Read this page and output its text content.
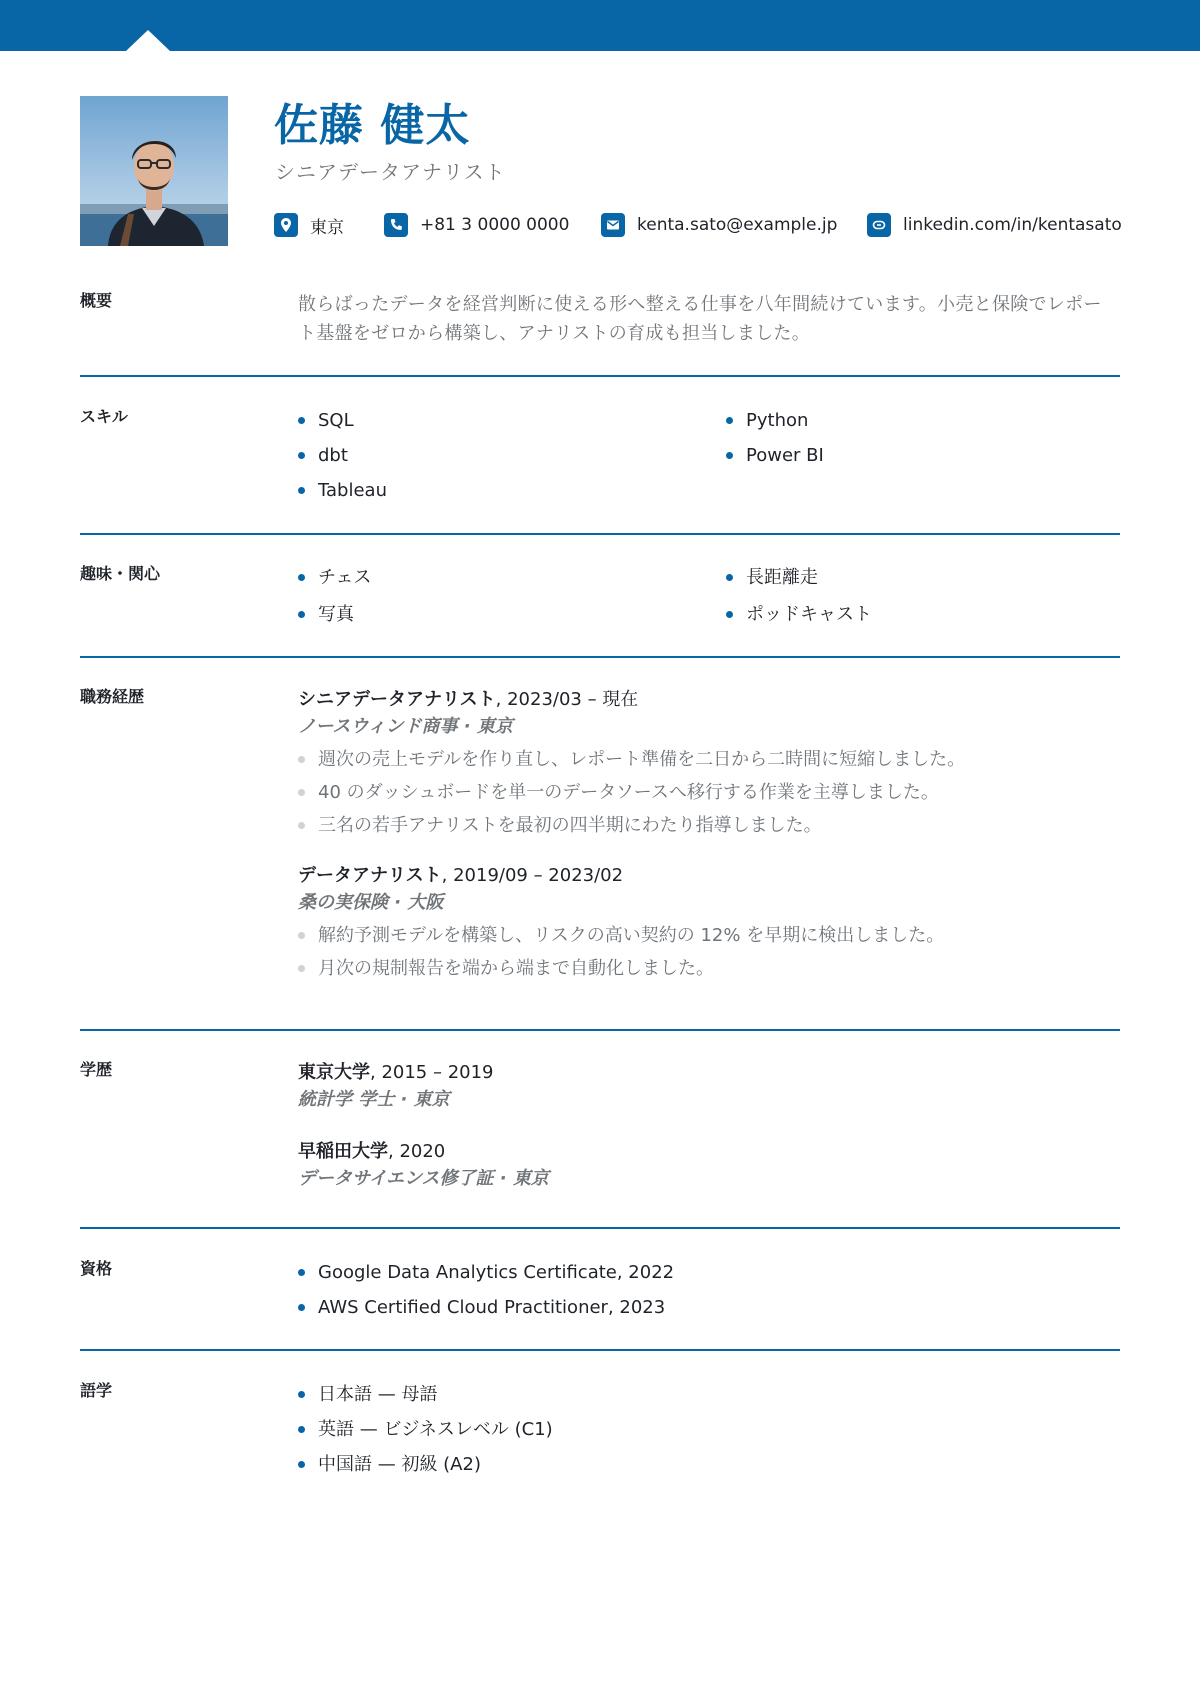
佐藤 健太
シニアデータアナリスト
東京	+81 3 0000 0000	kenta.sato@example.jp	linkedin.com/in/kentasato
概要	散らばったデータを経営判断に使える形へ整える仕事を八年間続けています。小売と保険でレポート基盤をゼロから構築し、アナリストの育成も担当しました。

スキル	SQL	Python
dbt	Power BI
Tableau
趣味・関心	チェス	長距離走
写真	ポッドキャスト
職務経歴	シニアデータアナリスト, 2023/03 – 現在
ノースウィンド商事 · 東京
週次の売上モデルを作り直し、レポート準備を二日から二時間に短縮しました。
40 のダッシュボードを単一のデータソースへ移行する作業を主導しました。
三名の若手アナリストを最初の四半期にわたり指導しました。
データアナリスト, 2019/09 – 2023/02
桑の実保険 · 大阪
解約予測モデルを構築し、リスクの高い契約の 12% を早期に検出しました。
月次の規制報告を端から端まで自動化しました。
学歴	東京大学, 2015 – 2019
統計学 学士 · 東京
早稲田大学, 2020
データサイエンス修了証 · 東京
資格	Google Data Analytics Certificate, 2022
AWS Certified Cloud Practitioner, 2023
語学	日本語 — 母語
英語 — ビジネスレベル (C1)
中国語 — 初級 (A2)
